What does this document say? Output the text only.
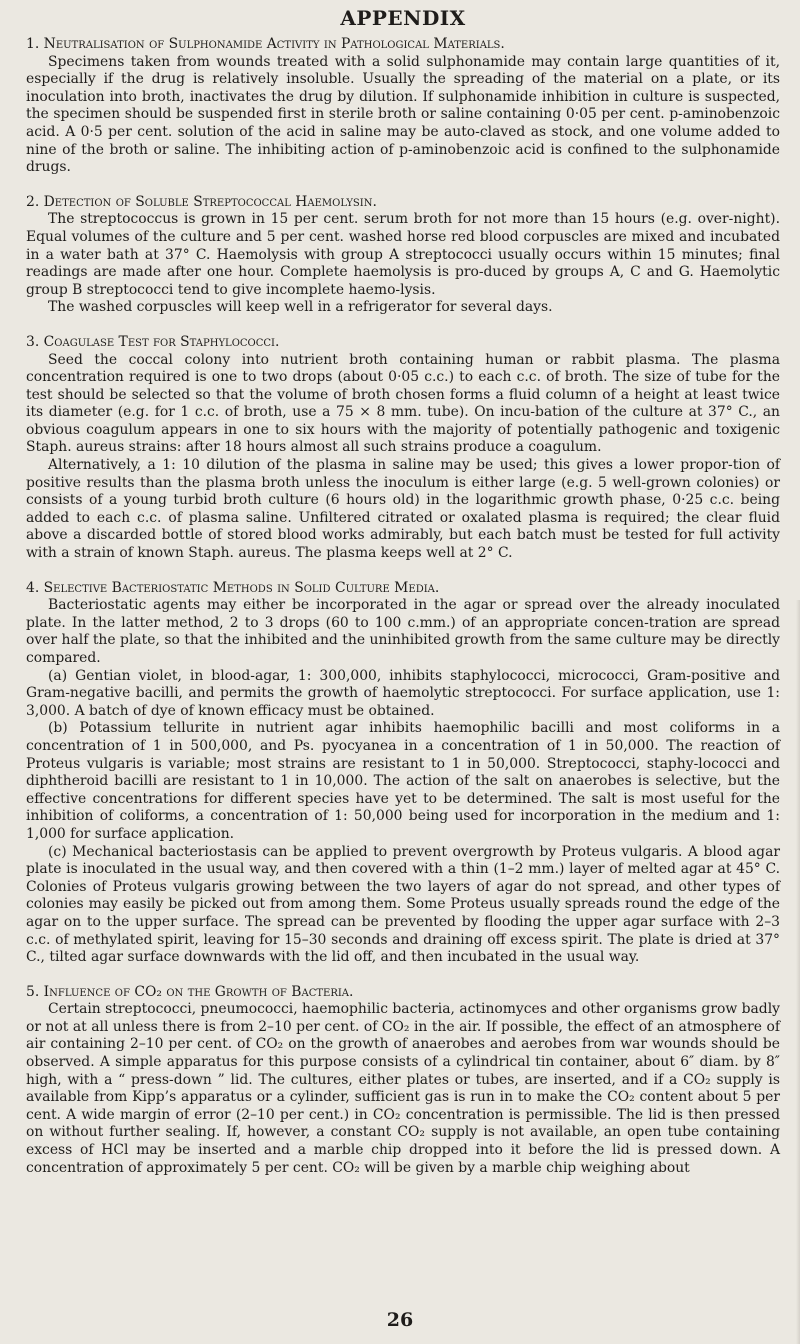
APPENDIX

1. Neutralisation of Sulphonamide Activity in Pathological Materials.

Specimens taken from wounds treated with a solid sulphonamide may contain large quantities of it, especially if the drug is relatively insoluble. Usually the spreading of the material on a plate, or its inoculation into broth, inactivates the drug by dilution. If sulphonamide inhibition in culture is suspected, the specimen should be suspended first in sterile broth or saline containing 0·05 per cent. p-aminobenzoic acid. A 0·5 per cent. solution of the acid in saline may be auto-claved as stock, and one volume added to nine of the broth or saline. The inhibiting action of p-aminobenzoic acid is confined to the sulphonamide drugs.

2. Detection of Soluble Streptococcal Haemolysin.

The streptococcus is grown in 15 per cent. serum broth for not more than 15 hours (e.g. over-night). Equal volumes of the culture and 5 per cent. washed horse red blood corpuscles are mixed and incubated in a water bath at 37° C. Haemolysis with group A streptococci usually occurs within 15 minutes; final readings are made after one hour. Complete haemolysis is pro-duced by groups A, C and G. Haemolytic group B streptococci tend to give incomplete haemo-lysis.

The washed corpuscles will keep well in a refrigerator for several days.

3. Coagulase Test for Staphylococci.

Seed the coccal colony into nutrient broth containing human or rabbit plasma. The plasma concentration required is one to two drops (about 0·05 c.c.) to each c.c. of broth. The size of tube for the test should be selected so that the volume of broth chosen forms a fluid column of a height at least twice its diameter (e.g. for 1 c.c. of broth, use a 75 × 8 mm. tube). On incu-bation of the culture at 37° C., an obvious coagulum appears in one to six hours with the majority of potentially pathogenic and toxigenic Staph. aureus strains: after 18 hours almost all such strains produce a coagulum.

Alternatively, a 1: 10 dilution of the plasma in saline may be used; this gives a lower propor-tion of positive results than the plasma broth unless the inoculum is either large (e.g. 5 well-grown colonies) or consists of a young turbid broth culture (6 hours old) in the logarithmic growth phase, 0·25 c.c. being added to each c.c. of plasma saline. Unfiltered citrated or oxalated plasma is required; the clear fluid above a discarded bottle of stored blood works admirably, but each batch must be tested for full activity with a strain of known Staph. aureus. The plasma keeps well at 2° C.

4. Selective Bacteriostatic Methods in Solid Culture Media.

Bacteriostatic agents may either be incorporated in the agar or spread over the already inoculated plate. In the latter method, 2 to 3 drops (60 to 100 c.mm.) of an appropriate concen-tration are spread over half the plate, so that the inhibited and the uninhibited growth from the same culture may be directly compared.

(a) Gentian violet, in blood-agar, 1: 300,000, inhibits staphylococci, micrococci, Gram-positive and Gram-negative bacilli, and permits the growth of haemolytic streptococci. For surface application, use 1: 3,000. A batch of dye of known efficacy must be obtained.

(b) Potassium tellurite in nutrient agar inhibits haemophilic bacilli and most coliforms in a concentration of 1 in 500,000, and Ps. pyocyanea in a concentration of 1 in 50,000. The reaction of Proteus vulgaris is variable; most strains are resistant to 1 in 50,000. Streptococci, staphy-lococci and diphtheroid bacilli are resistant to 1 in 10,000. The action of the salt on anaerobes is selective, but the effective concentrations for different species have yet to be determined. The salt is most useful for the inhibition of coliforms, a concentration of 1: 50,000 being used for incorporation in the medium and 1: 1,000 for surface application.

(c) Mechanical bacteriostasis can be applied to prevent overgrowth by Proteus vulgaris. A blood agar plate is inoculated in the usual way, and then covered with a thin (1–2 mm.) layer of melted agar at 45° C. Colonies of Proteus vulgaris growing between the two layers of agar do not spread, and other types of colonies may easily be picked out from among them. Some Proteus usually spreads round the edge of the agar on to the upper surface. The spread can be prevented by flooding the upper agar surface with 2–3 c.c. of methylated spirit, leaving for 15–30 seconds and draining off excess spirit. The plate is dried at 37° C., tilted agar surface downwards with the lid off, and then incubated in the usual way.

5. Influence of CO₂ on the Growth of Bacteria.

Certain streptococci, pneumococci, haemophilic bacteria, actinomyces and other organisms grow badly or not at all unless there is from 2–10 per cent. of CO₂ in the air. If possible, the effect of an atmosphere of air containing 2–10 per cent. of CO₂ on the growth of anaerobes and aerobes from war wounds should be observed. A simple apparatus for this purpose consists of a cylindrical tin container, about 6″ diam. by 8″ high, with a “ press-down ” lid. The cultures, either plates or tubes, are inserted, and if a CO₂ supply is available from Kipp’s apparatus or a cylinder, sufficient gas is run in to make the CO₂ content about 5 per cent. A wide margin of error (2–10 per cent.) in CO₂ concentration is permissible. The lid is then pressed on without further sealing. If, however, a constant CO₂ supply is not available, an open tube containing excess of HCl may be inserted and a marble chip dropped into it before the lid is pressed down. A concentration of approximately 5 per cent. CO₂ will be given by a marble chip weighing about

26
